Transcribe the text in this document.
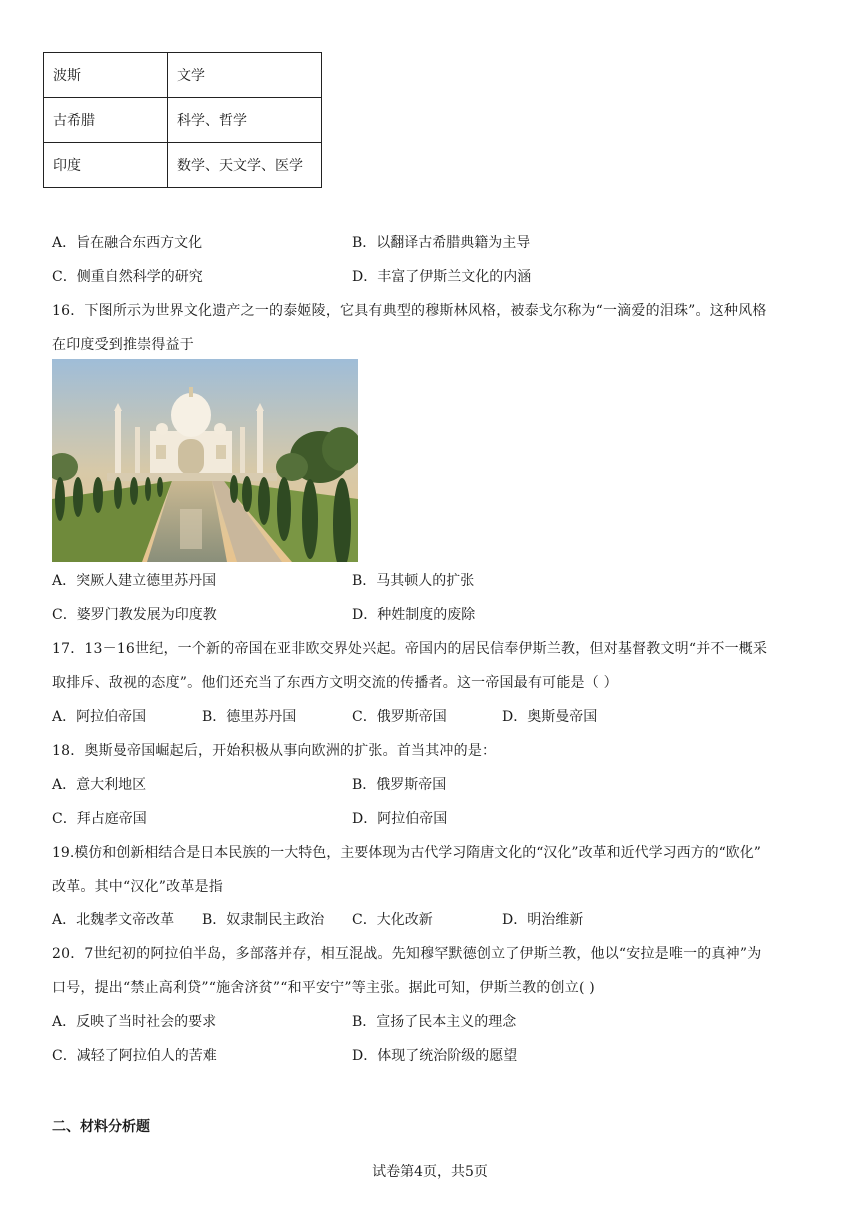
波斯	文学
古希腊	科学、哲学
印度	数学、天文学、医学
A．旨在融合东西方文化	B．以翻译古希腊典籍为主导
C．侧重自然科学的研究	D．丰富了伊斯兰文化的内涵
16．下图所示为世界文化遗产之一的泰姬陵，它具有典型的穆斯林风格，被泰戈尔称为“一滴爱的泪珠”。这种风格
在印度受到推崇得益于
A．突厥人建立德里苏丹国	B．马其顿人的扩张
C．婆罗门教发展为印度教	D．种姓制度的废除
17．13－16世纪，一个新的帝国在亚非欧交界处兴起。帝国内的居民信奉伊斯兰教，但对基督教文明“并不一概采
取排斥、敌视的态度”。他们还充当了东西方文明交流的传播者。这一帝国最有可能是（ ）
A．阿拉伯帝国	B．德里苏丹国	C．俄罗斯帝国	D．奥斯曼帝国
18．奥斯曼帝国崛起后，开始积极从事向欧洲的扩张。首当其冲的是：
A．意大利地区	B．俄罗斯帝国
C．拜占庭帝国	D．阿拉伯帝国
19.模仿和创新相结合是日本民族的一大特色，主要体现为古代学习隋唐文化的“汉化”改革和近代学习西方的“欧化”
改革。其中“汉化”改革是指
A．北魏孝文帝改革 B．奴隶制民主政治 C．大化改新	D．明治维新
20．7世纪初的阿拉伯半岛，多部落并存，相互混战。先知穆罕默德创立了伊斯兰教，他以“安拉是唯一的真神”为
口号，提出“禁止高利贷”“施舍济贫”“和平安宁”等主张。据此可知，伊斯兰教的创立( )
A．反映了当时社会的要求	B．宣扬了民本主义的理念
C．减轻了阿拉伯人的苦难	D．体现了统治阶级的愿望
二、材料分析题
试卷第4页，共5页
